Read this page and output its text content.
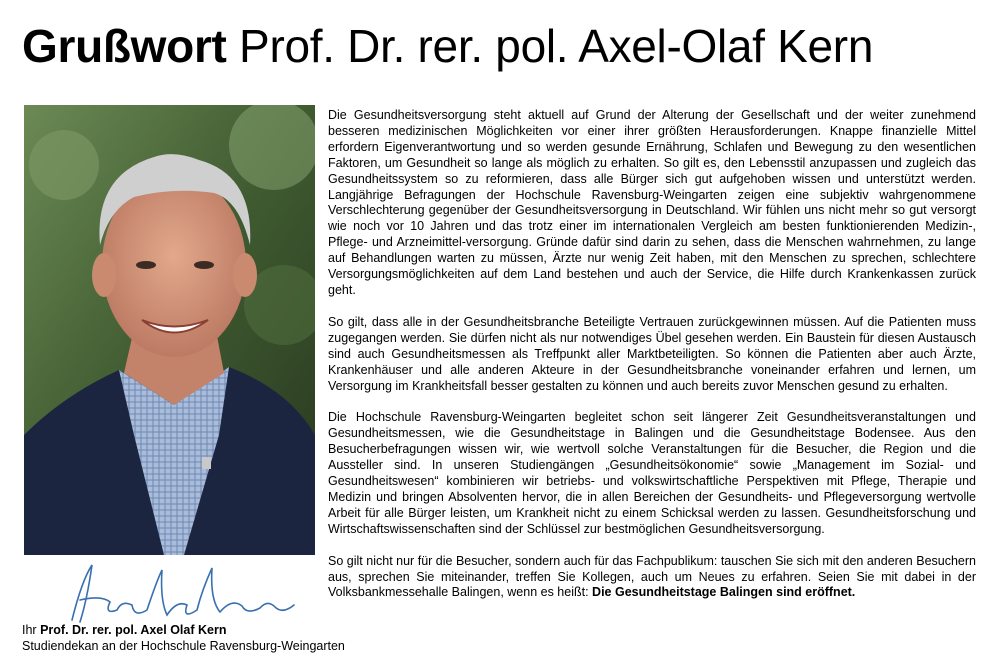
Grußwort Prof. Dr. rer. pol. Axel-Olaf Kern

Die Gesundheitsversorgung steht aktuell auf Grund der Alterung der Gesellschaft und der weiter zunehmend besseren medizinischen Möglichkeiten vor einer ihrer größten Herausforderungen. Knappe finanzielle Mittel erfordern Eigenverantwortung und so werden gesunde Ernährung, Schlafen und Bewegung zu den wesentlichen Faktoren, um Gesundheit so lange als möglich zu erhalten. So gilt es, den Lebensstil anzupassen und zugleich das Gesundheitssystem so zu reformieren, dass alle Bürger sich gut aufgehoben wissen und unterstützt werden. Langjährige Befragungen der Hochschule Ravensburg-Weingarten zeigen eine subjektiv wahrgenommene Verschlechterung gegenüber der Gesundheitsversorgung in Deutschland. Wir fühlen uns nicht mehr so gut versorgt wie noch vor 10 Jahren und das trotz einer im internationalen Vergleich am besten funktionierenden Medizin-, Pflege- und Arzneimittel-versorgung. Gründe dafür sind darin zu sehen, dass die Menschen wahrnehmen, zu lange auf Behandlungen warten zu müssen, Ärzte nur wenig Zeit haben, mit den Menschen zu sprechen, schlechtere Versorgungsmöglichkeiten auf dem Land bestehen und auch der Service, die Hilfe durch Krankenkassen zurück geht.

So gilt, dass alle in der Gesundheitsbranche Beteiligte Vertrauen zurückgewinnen müssen. Auf die Patienten muss zugegangen werden. Sie dürfen nicht als nur notwendiges Übel gesehen werden. Ein Baustein für diesen Austausch sind auch Gesundheitsmessen als Treffpunkt aller Marktbeteiligten. So können die Patienten aber auch Ärzte, Krankenhäuser und alle anderen Akteure in der Gesundheitsbranche voneinander erfahren und lernen, um Versorgung im Krankheitsfall besser gestalten zu können und auch bereits zuvor Menschen gesund zu erhalten.

Die Hochschule Ravensburg-Weingarten begleitet schon seit längerer Zeit Gesundheitsveranstaltungen und Gesundheitsmessen, wie die Gesundheitstage in Balingen und die Gesundheitstage Bodensee. Aus den Besucherbefragungen wissen wir, wie wertvoll solche Veranstaltungen für die Besucher, die Region und die Aussteller sind. In unseren Studiengängen „Gesundheitsökonomie“ sowie „Management im Sozial- und Gesundheitswesen“ kombinieren wir betriebs- und volkswirtschaftliche Perspektiven mit Pflege, Therapie und Medizin und bringen Absolventen hervor, die in allen Bereichen der Gesundheits- und Pflegeversorgung wertvolle Arbeit für alle Bürger leisten, um Krankheit nicht zu einem Schicksal werden zu lassen. Gesundheitsforschung und Wirtschaftswissenschaften sind der Schlüssel zur bestmöglichen Gesundheitsversorgung.

So gilt nicht nur für die Besucher, sondern auch für das Fachpublikum: tauschen Sie sich mit den anderen Besuchern aus, sprechen Sie miteinander, treffen Sie Kollegen, auch um Neues zu erfahren. Seien Sie mit dabei in der Volksbankmessehalle Balingen, wenn es heißt: Die Gesundheitstage Balingen sind eröffnet.

Ihr Prof. Dr. rer. pol. Axel Olaf Kern
Studiendekan an der Hochschule Ravensburg-Weingarten
